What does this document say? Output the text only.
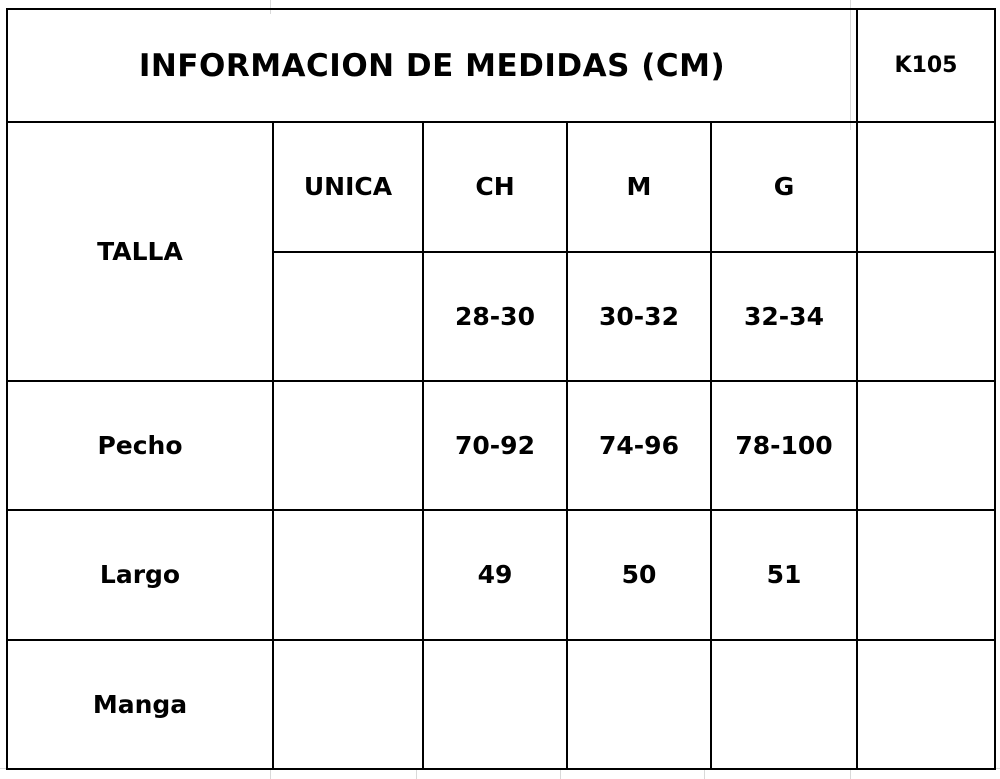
INFORMACION DE MEDIDAS (CM)					K105
TALLA	UNICA	CH	M	G	
		28-30	30-32	32-34	
Pecho		70-92	74-96	78-100	
Largo		49	50	51	
Manga					
